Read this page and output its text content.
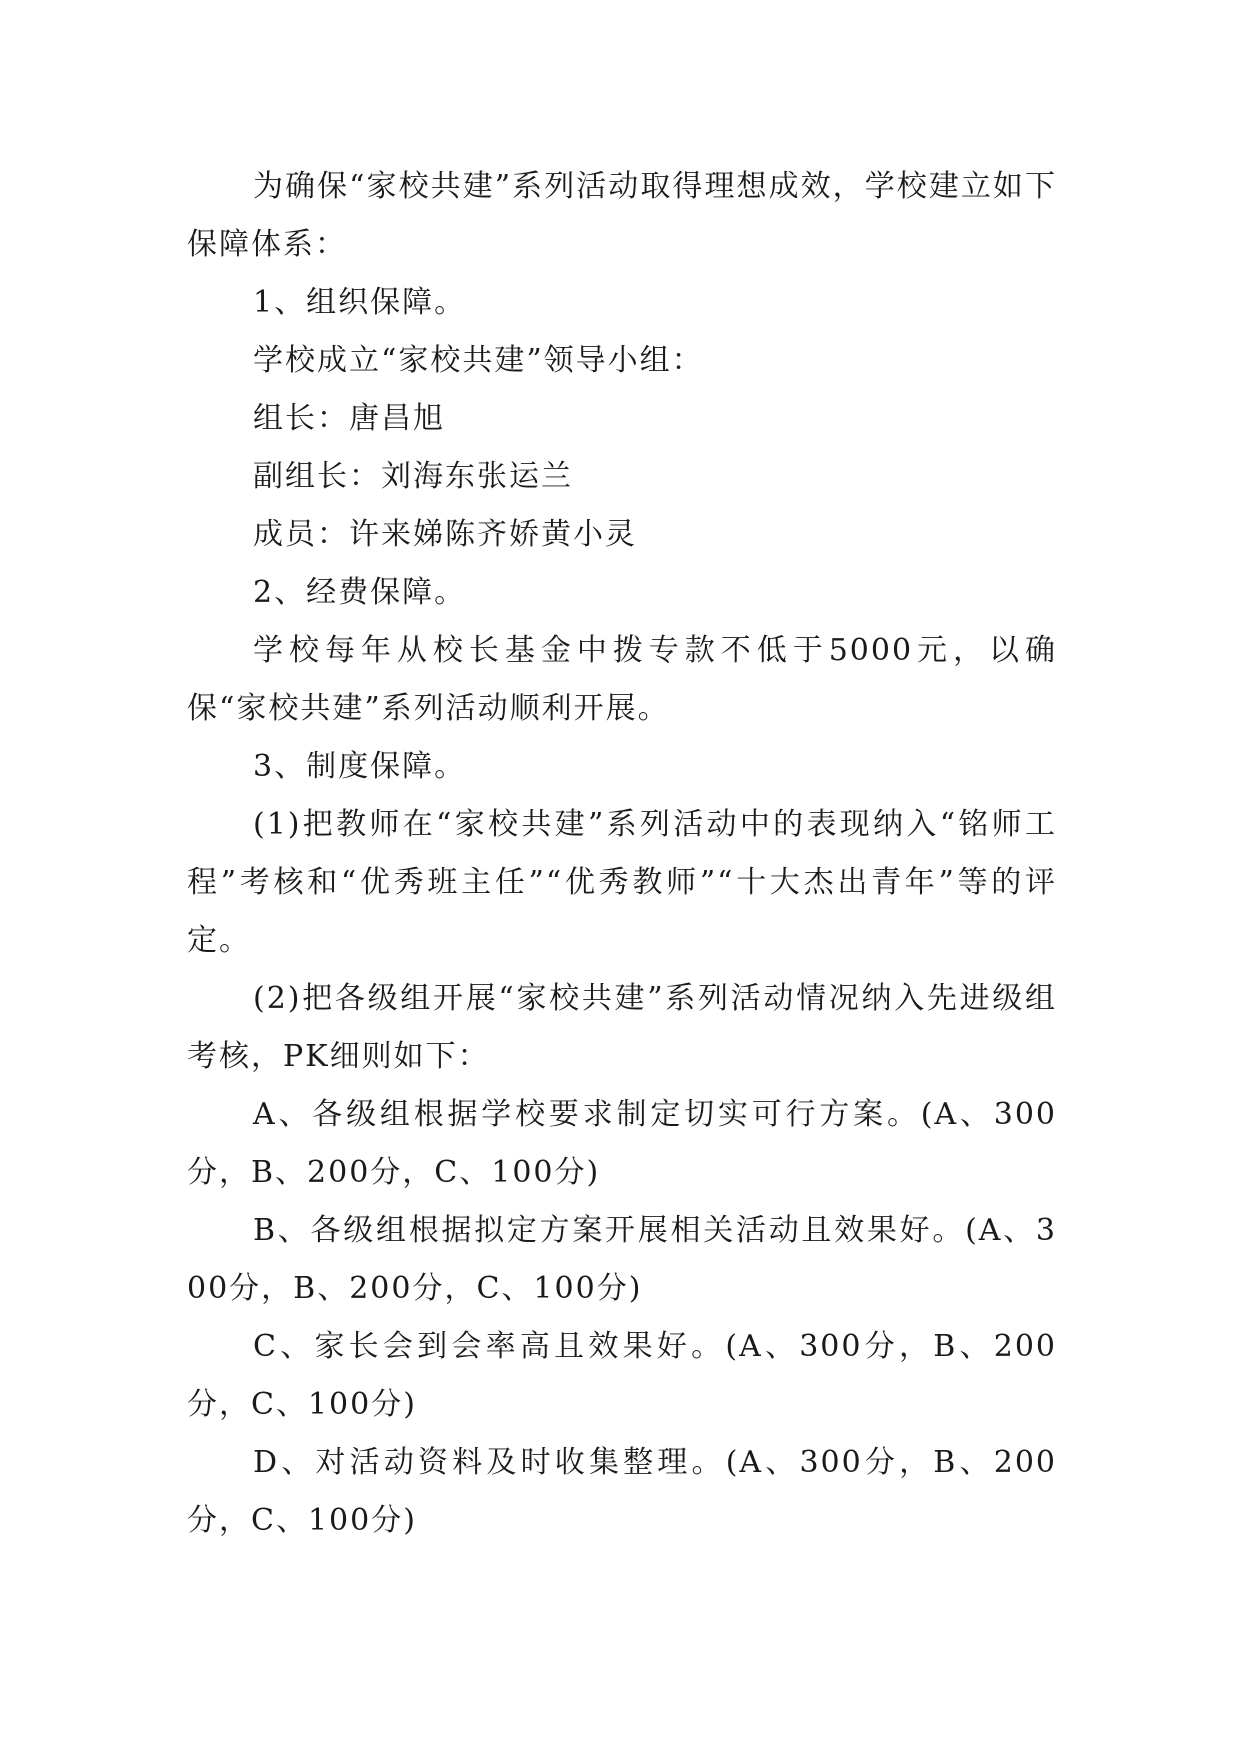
为确保“家校共建”系列活动取得理想成效，学校建立如下保障体系：

1、组织保障。

学校成立“家校共建”领导小组：

组长：唐昌旭

副组长：刘海东张运兰

成员：许来娣陈齐娇黄小灵

2、经费保障。

学校每年从校长基金中拨专款不低于5000元，以确保“家校共建”系列活动顺利开展。

3、制度保障。

(1)把教师在“家校共建”系列活动中的表现纳入“铭师工程”考核和“优秀班主任”“优秀教师”“十大杰出青年”等的评定。

(2)把各级组开展“家校共建”系列活动情况纳入先进级组考核，PK细则如下：

A、各级组根据学校要求制定切实可行方案。(A、300分，B、200分，C、100分)

B、各级组根据拟定方案开展相关活动且效果好。(A、300分，B、200分，C、100分)

C、家长会到会率高且效果好。(A、300分，B、200分，C、100分)

D、对活动资料及时收集整理。(A、300分，B、200分，C、100分)
